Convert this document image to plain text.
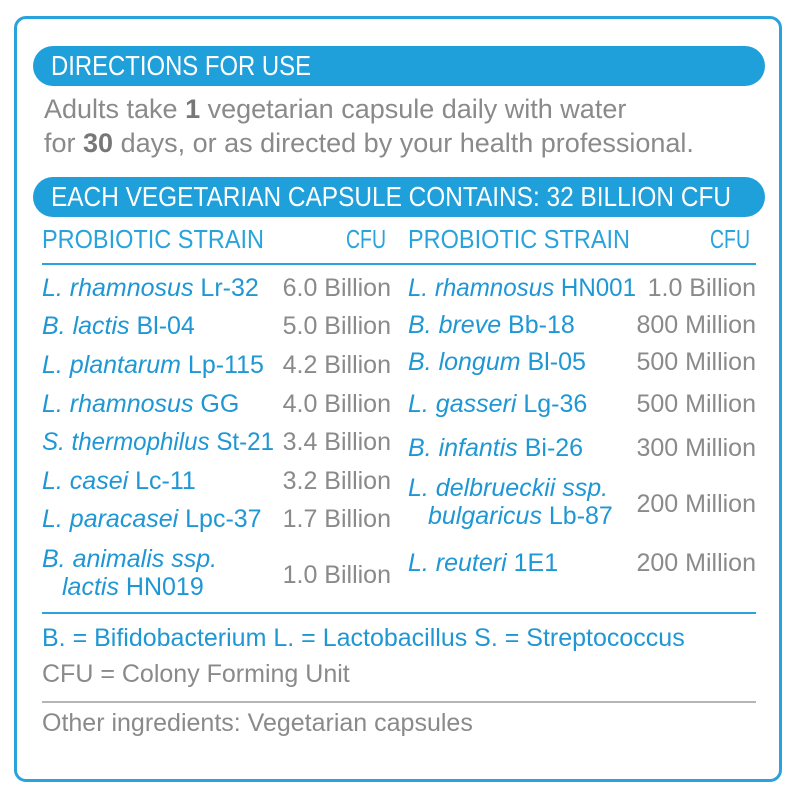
DIRECTIONS FOR USE
Adults take 1 vegetarian capsule daily with water
for 30 days, or as directed by your health professional.
EACH VEGETARIAN CAPSULE CONTAINS: 32 BILLION CFU
PROBIOTIC STRAIN	CFU PROBIOTIC STRAIN	CFU
L. rhamnosus Lr-32 6.0 Billion
B. lactis Bl-04	5.0 Billion
L. plantarum Lp-115 4.2 Billion
L. rhamnosus GG 4.0 Billion
S. thermophilus St-21 3.4 Billion
L. casei Lc-11	3.2 Billion
L. paracasei Lpc-37 1.7 Billion
B. animalis ssp.
lactis HN019	1.0 Billion
L. rhamnosus HN001 1.0 Billion
B. breve Bb-18 800 Million
B. longum Bl-05 500 Million
L. gasseri Lg-36 500 Million
B. infantis Bi-26 300 Million
L. delbrueckii ssp.
bulgaricus Lb-87 200 Million
L. reuteri 1E1	200 Million
B. = Bifidobacterium L. = Lactobacillus S. = Streptococcus
CFU = Colony Forming Unit
Other ingredients: Vegetarian capsules
